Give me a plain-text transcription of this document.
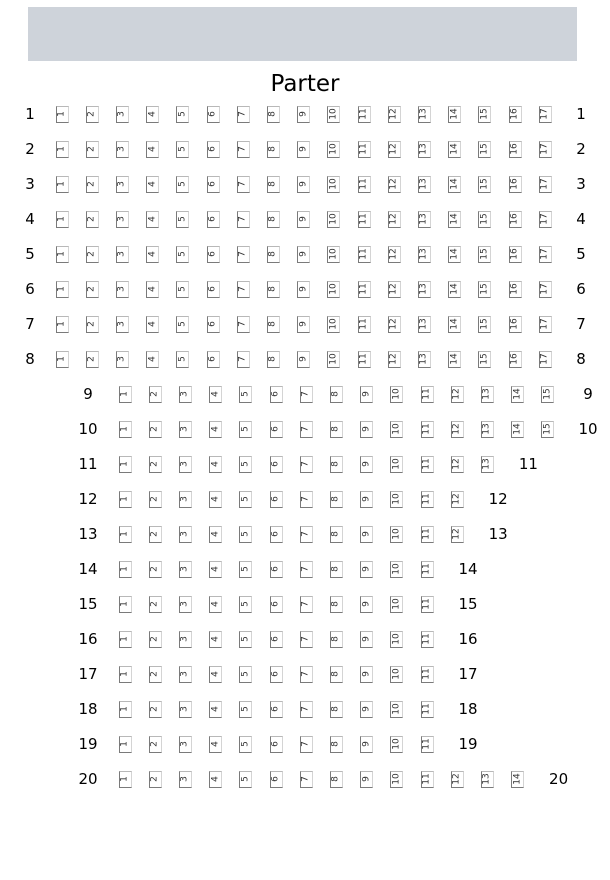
Parter
1	1 2 3 4 5 6 7 8 9 10 11 12 13 14 15 16 17	1
2	1 2 3 4 5 6 7 8 9 10 11 12 13 14 15 16 17	2
3	1 2 3 4 5 6 7 8 9 10 11 12 13 14 15 16 17	3
4	1 2 3 4 5 6 7 8 9 10 11 12 13 14 15 16 17	4
5	1 2 3 4 5 6 7 8 9 10 11 12 13 14 15 16 17	5
6	1 2 3 4 5 6 7 8 9 10 11 12 13 14 15 16 17	6
7	1 2 3 4 5 6 7 8 9 10 11 12 13 14 15 16 17	7
8	1 2 3 4 5 6 7 8 9 10 11 12 13 14 15 16 17	8
9	1 2 3 4 5 6 7 8 9 10 11 12 13 14 15	9
10	1 2 3 4 5 6 7 8 9 10 11 12 13 14 15	10
11	1 2 3 4 5 6 7 8 9 10 11 12 13	11
12	1 2 3 4 5 6 7 8 9 10 11 12	12
13	1 2 3 4 5 6 7 8 9 10 11 12	13
14	1 2 3 4 5 6 7 8 9 10 11	14
15	1 2 3 4 5 6 7 8 9 10 11	15
16	1 2 3 4 5 6 7 8 9 10 11	16
17	1 2 3 4 5 6 7 8 9 10 11	17
18	1 2 3 4 5 6 7 8 9 10 11	18
19	1 2 3 4 5 6 7 8 9 10 11	19
20	1 2 3 4 5 6 7 8 9 10 11 12 13 14	20
